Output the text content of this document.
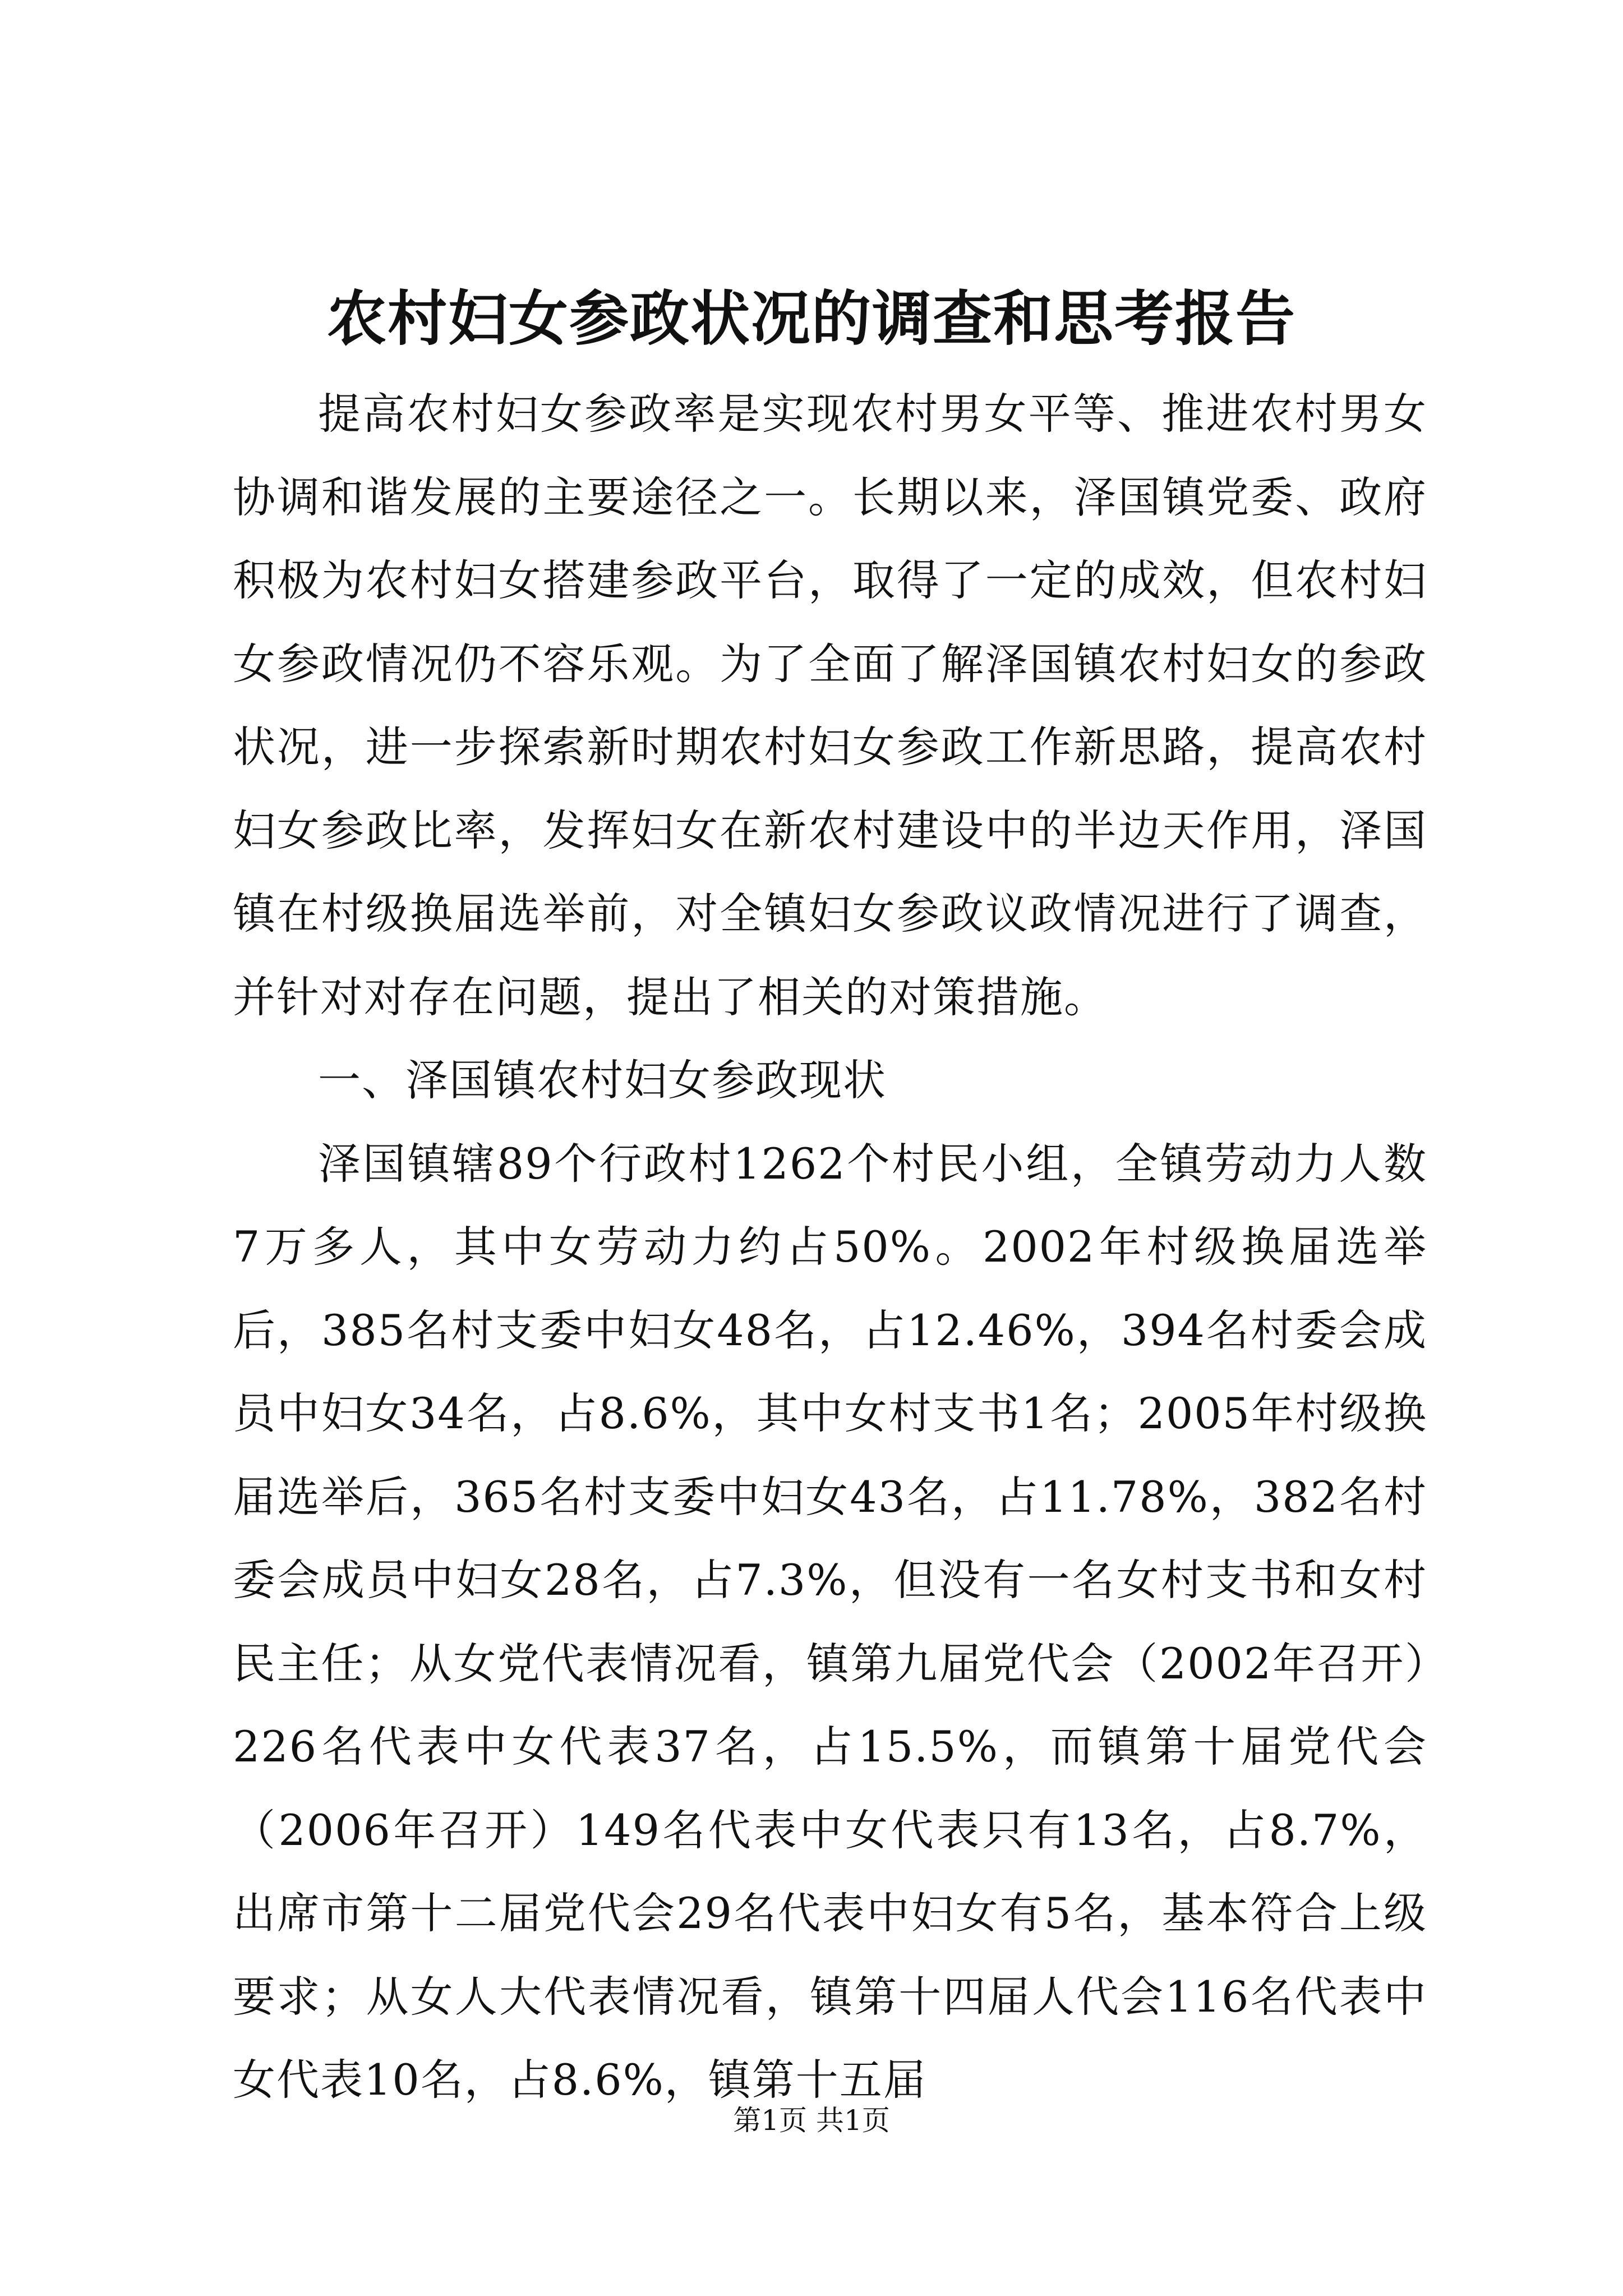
农村妇女参政状况的调查和思考报告

提高农村妇女参政率是实现农村男女平等、推进农村男女协调和谐发展的主要途径之一。长期以来，泽国镇党委、政府积极为农村妇女搭建参政平台，取得了一定的成效，但农村妇女参政情况仍不容乐观。为了全面了解泽国镇农村妇女的参政状况，进一步探索新时期农村妇女参政工作新思路，提高农村妇女参政比率，发挥妇女在新农村建设中的半边天作用，泽国镇在村级换届选举前，对全镇妇女参政议政情况进行了调查，并针对对存在问题，提出了相关的对策措施。

一、泽国镇农村妇女参政现状

泽国镇辖89个行政村1262个村民小组，全镇劳动力人数7万多人，其中女劳动力约占50%。2002年村级换届选举后，385名村支委中妇女48名，占12.46%，394名村委会成员中妇女34名，占8.6%，其中女村支书1名；2005年村级换届选举后，365名村支委中妇女43名，占11.78%，382名村委会成员中妇女28名，占7.3%，但没有一名女村支书和女村民主任；从女党代表情况看，镇第九届党代会（2002年召开）226名代表中女代表37名，占15.5%，而镇第十届党代会（2006年召开）149名代表中女代表只有13名，占8.7%，出席市第十二届党代会29名代表中妇女有5名，基本符合上级要求；从女人大代表情况看，镇第十四届人代会116名代表中女代表10名，占8.6%，镇第十五届

第1页 共1页
